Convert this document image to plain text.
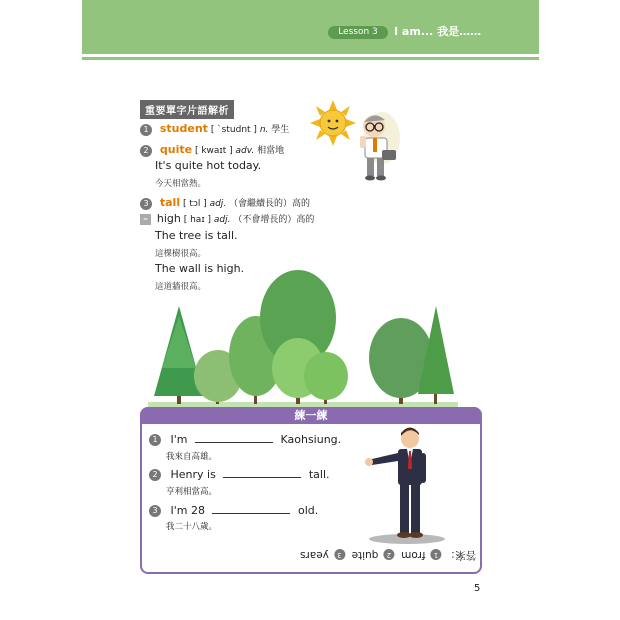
Lesson 3	I am... 我是……
重要單字片語解析
1 student [ ˋstudnt ] n. 學生
2 quite [ kwaɪt ] adv. 相當地
It's quite hot today.
今天相當熱。
3 tall [ tɔl ] adj. （會繼續長的）高的
≈ high [ haɪ ] adj. （不會增長的）高的
The tree is tall.
這棵樹很高。
The wall is high.
這道牆很高。
練一練
1 I'm	Kaohsiung.
我來自高雄。
2 Henry is	tall.
亨利相當高。
3 I'm 28	old.
我二十八歲。
答案： 1from  2quite  3years
5
